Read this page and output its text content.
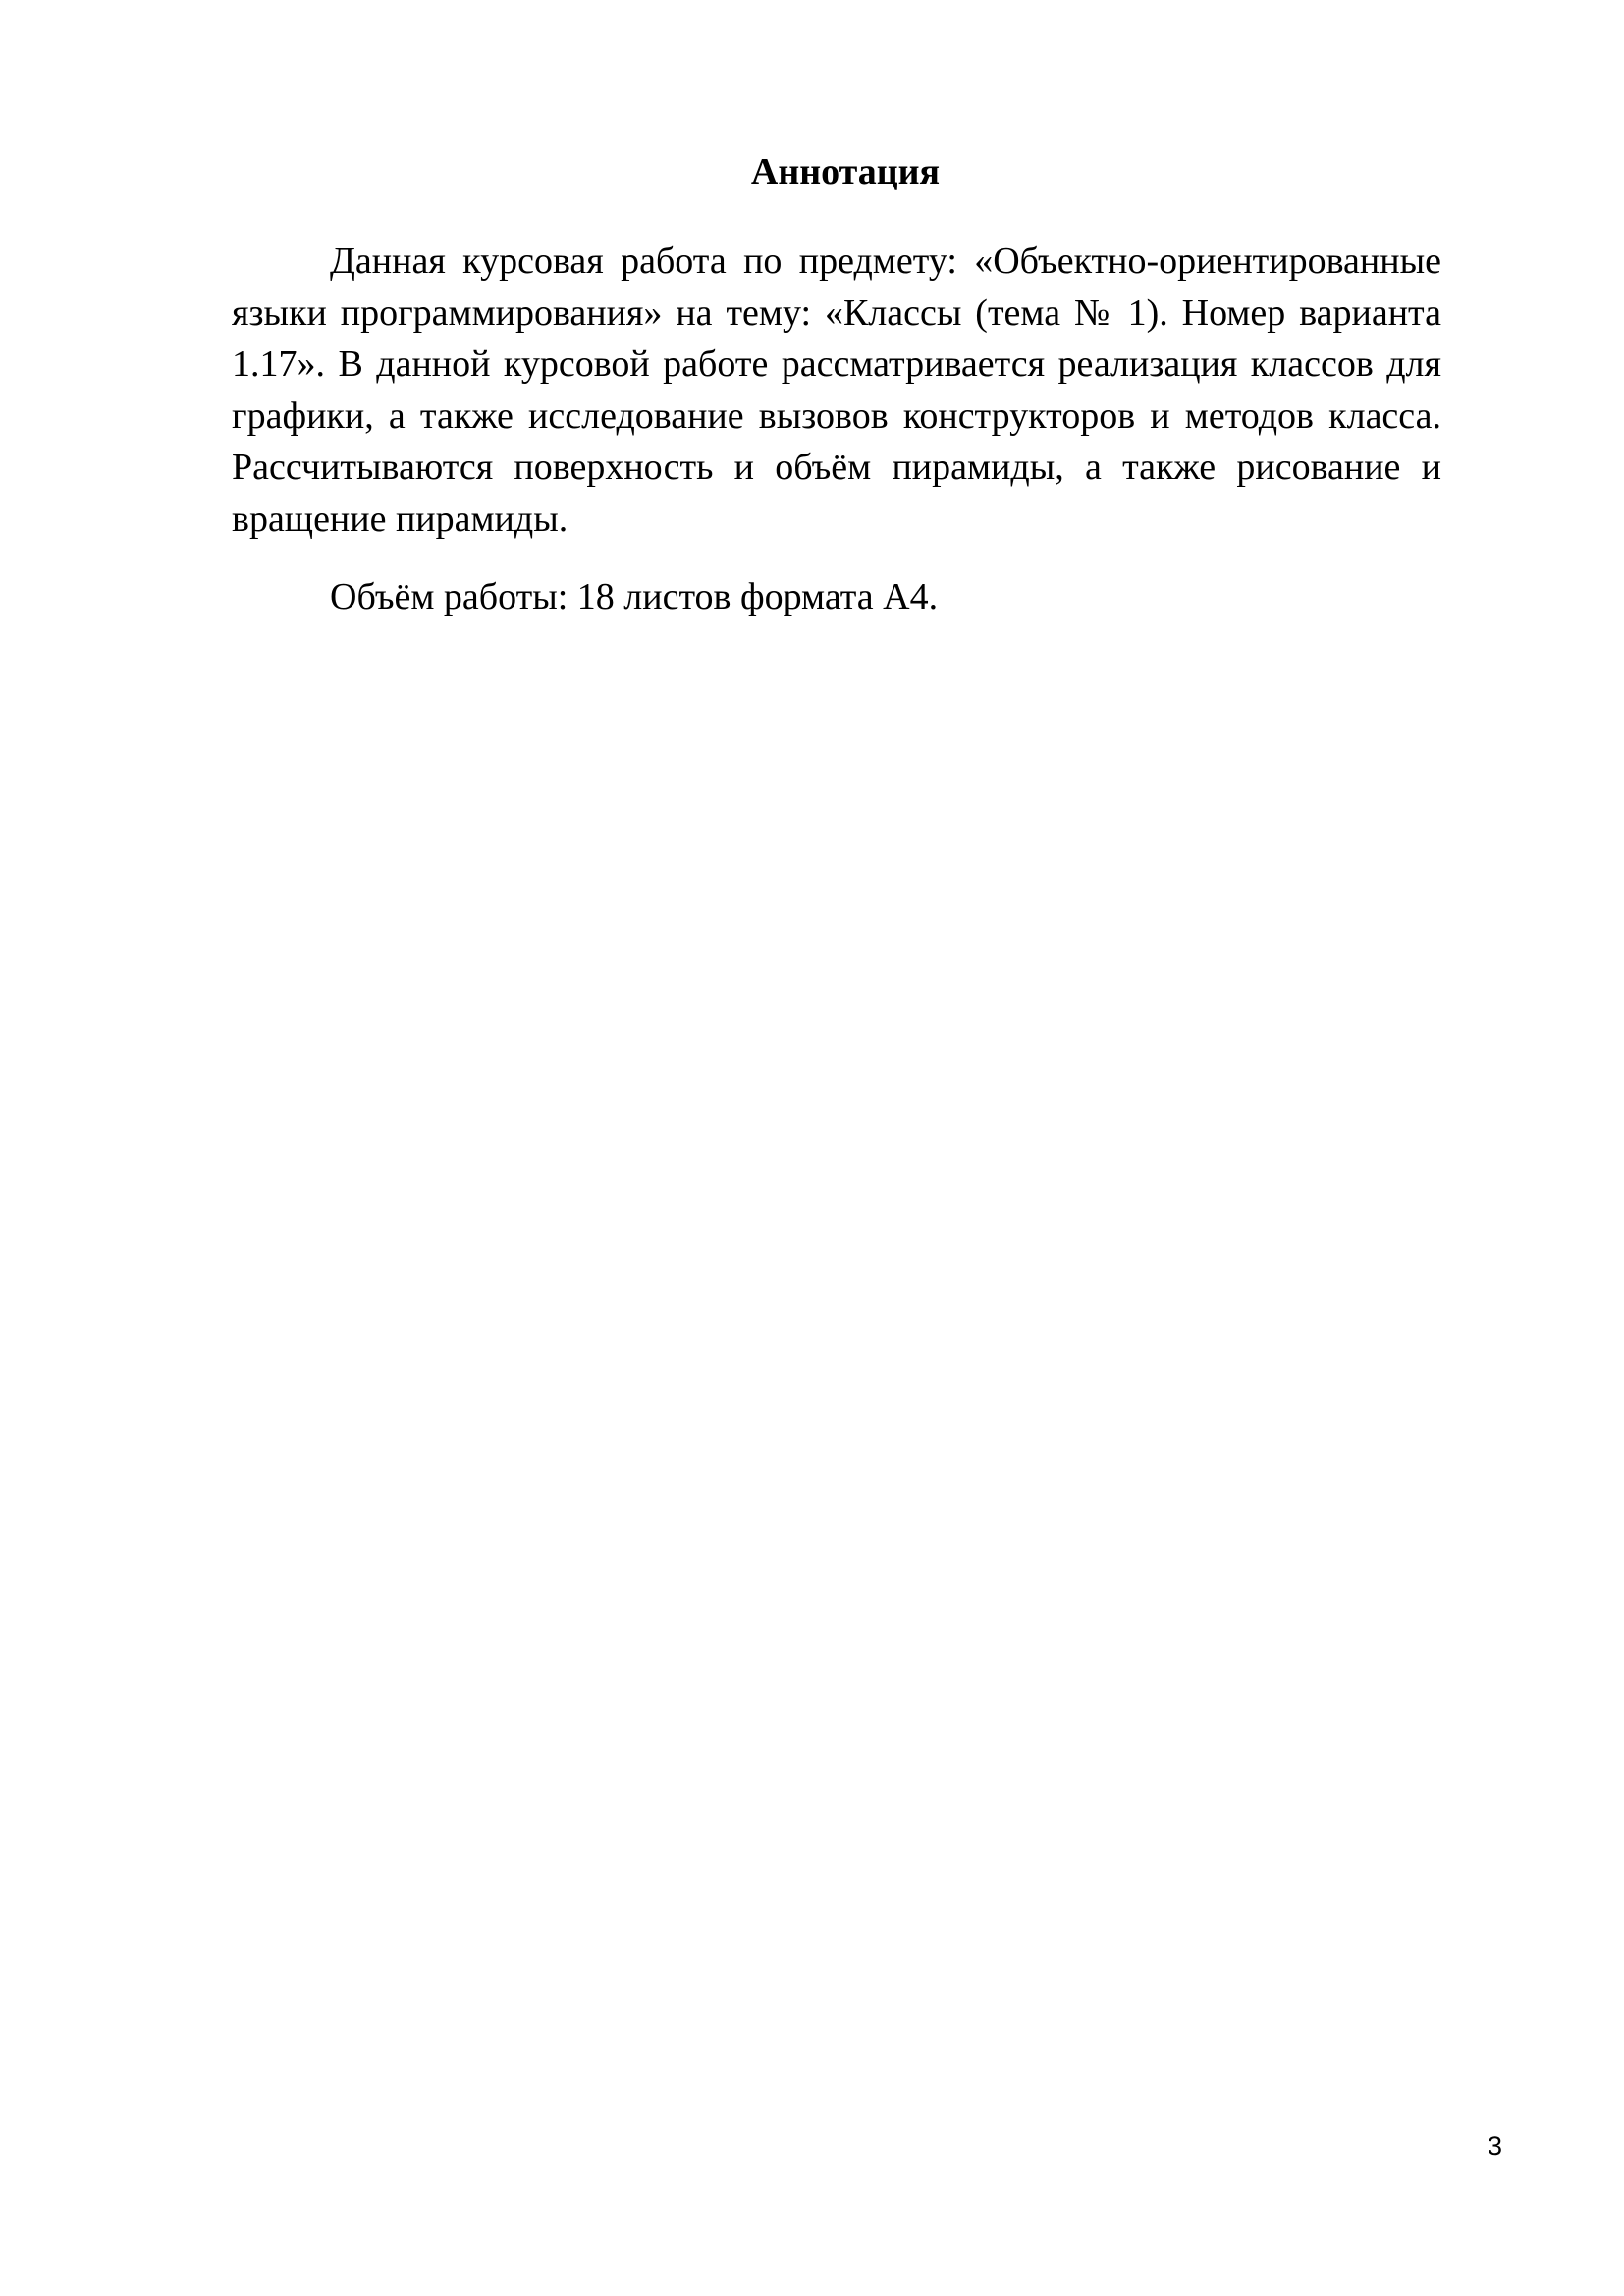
Аннотация

Данная курсовая работа по предмету: «Объектно-ориентированные языки программирования» на тему: «Классы (тема № 1). Номер варианта 1.17». В данной курсовой работе рассматривается реализация классов для графики, а также исследование вызовов конструкторов и методов класса. Рассчитываются поверхность и объём пирамиды, а также рисование и вращение пирамиды.

Объём работы: 18 листов формата А4.

3
